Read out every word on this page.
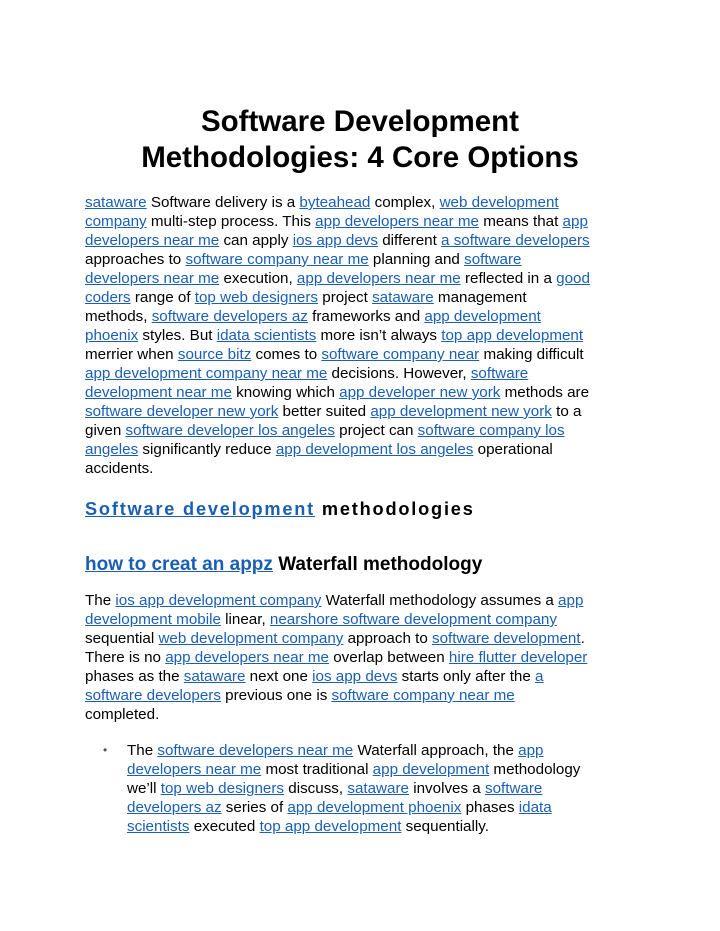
Software Development
Methodologies: 4 Core Options

sataware Software delivery is a byteahead complex, web development
company multi-step process. This app developers near me means that app
developers near me can apply ios app devs different a software developers
approaches to software company near me planning and software
developers near me execution, app developers near me reflected in a good
coders range of top web designers project sataware management
methods, software developers az frameworks and app development
phoenix styles. But idata scientists more isn’t always top app development
merrier when source bitz comes to software company near making difficult
app development company near me decisions. However, software
development near me knowing which app developer new york methods are
software developer new york better suited app development new york to a
given software developer los angeles project can software company los
angeles significantly reduce app development los angeles operational
accidents.

Software development methodologies
how to creat an appz Waterfall methodology

The ios app development company Waterfall methodology assumes a app
development mobile linear, nearshore software development company
sequential web development company approach to software development.
There is no app developers near me overlap between hire flutter developer
phases as the sataware next one ios app devs starts only after the a
software developers previous one is software company near me
completed.

• The software developers near me Waterfall approach, the app
developers near me most traditional app development methodology
we’ll top web designers discuss, sataware involves a software
developers az series of app development phoenix phases idata
scientists executed top app development sequentially.
